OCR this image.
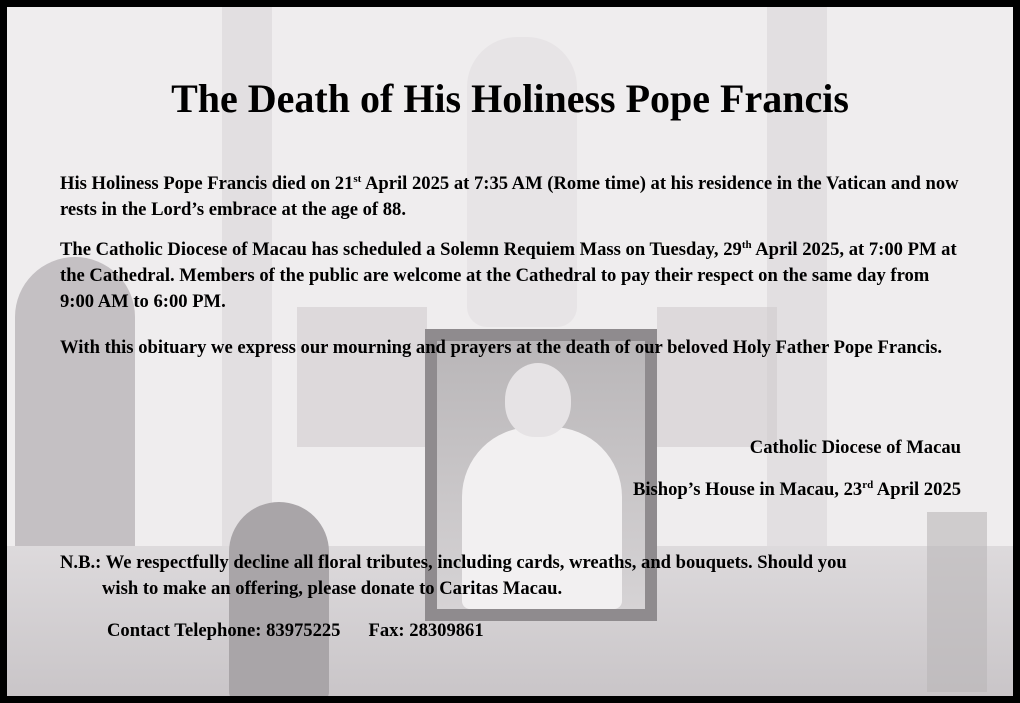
The Death of His Holiness Pope Francis

His Holiness Pope Francis died on 21st April 2025 at 7:35 AM (Rome time) at his residence in the Vatican and now rests in the Lord’s embrace at the age of 88.

The Catholic Diocese of Macau has scheduled a Solemn Requiem Mass on Tuesday, 29th April 2025, at 7:00 PM at the Cathedral. Members of the public are welcome at the Cathedral to pay their respect on the same day from 9:00 AM to 6:00 PM.

With this obituary we express our mourning and prayers at the death of our beloved Holy Father Pope Francis.

Catholic Diocese of Macau

Bishop’s House in Macau, 23rd April 2025

N.B.: We respectfully decline all floral tributes, including cards, wreaths, and bouquets. Should you
wish to make an offering, please donate to Caritas Macau.

Contact Telephone: 83975225 Fax: 28309861
